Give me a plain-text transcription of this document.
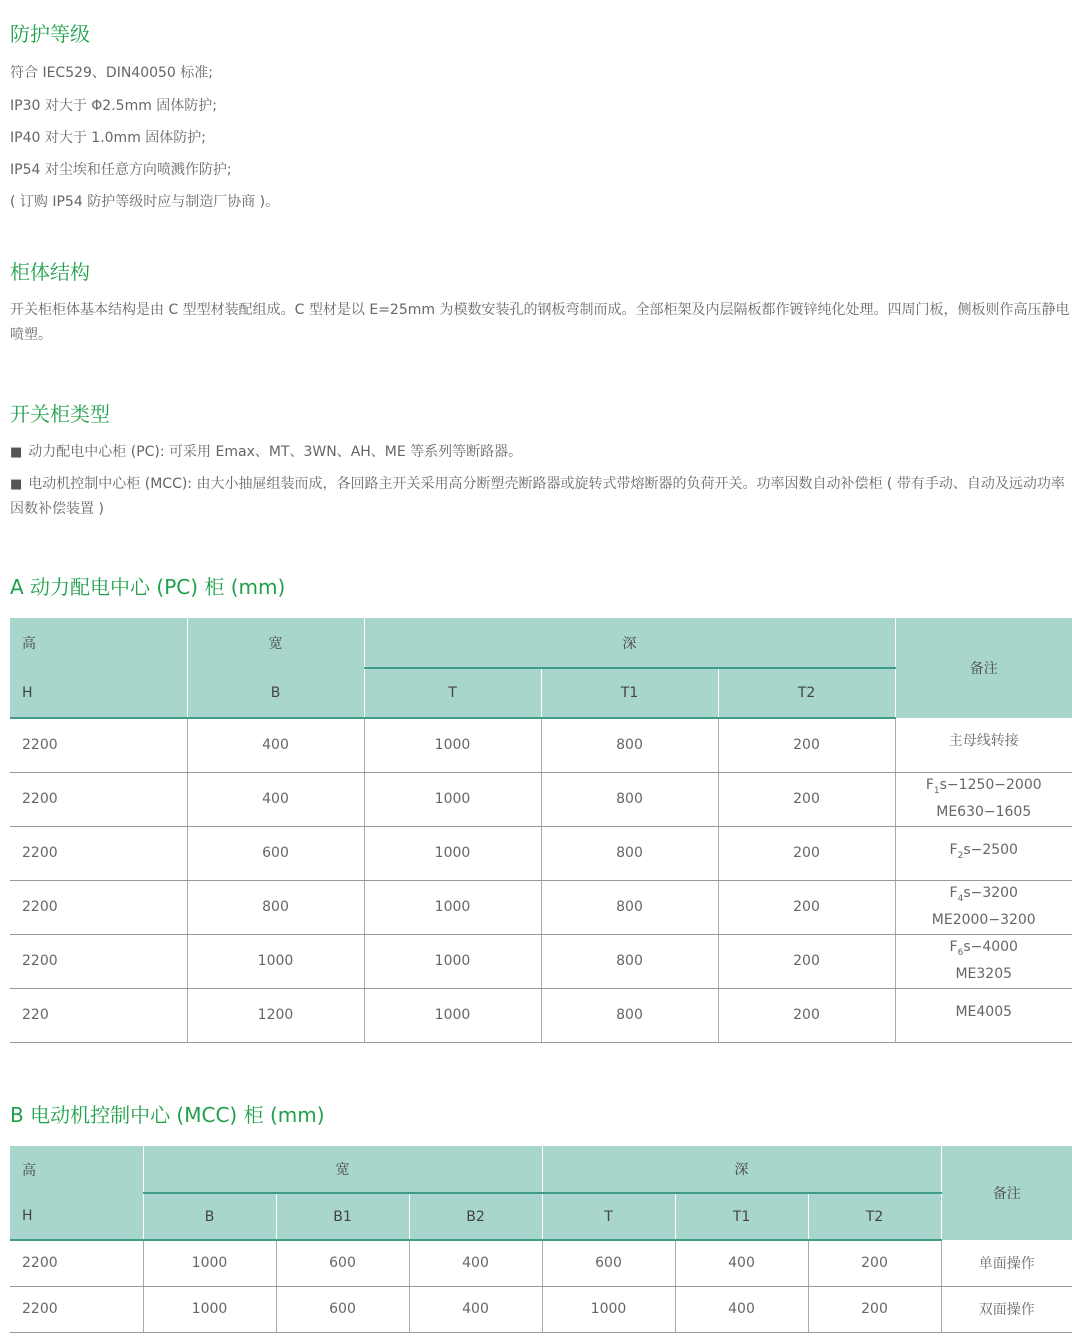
防护等级

符合 IEC529、DIN40050 标准;

IP30 对大于 Φ2.5mm 固体防护;

IP40 对大于 1.0mm 固体防护;

IP54 对尘埃和任意方向喷溅作防护;

( 订购 IP54 防护等级时应与制造厂协商 )。

柜体结构

开关柜柜体基本结构是由 C 型型材装配组成。C 型材是以 E=25mm 为模数安装孔的钢板弯制而成。全部柜架及内层隔板都作镀锌纯化处理。四周门板，侧板则作高压静电喷塑。

开关柜类型

■ 动力配电中心柜 (PC): 可采用 Emax、MT、3WN、AH、ME 等系列等断路器。

■ 电动机控制中心柜 (MCC): 由大小抽屉组装而成，各回路主开关采用高分断塑壳断路器或旋转式带熔断器的负荷开关。功率因数自动补偿柜 ( 带有手动、自动及远动功率因数补偿装置 )

A 动力配电中心 (PC) 柜 (mm)
高	宽	深			备注
H	B	T	T1	T2	
2200	400	1000	800	200	主母线转接

2200	400	1000	800	200	$F_1s-1250-2000$
ME630−1605

2200	600	1000	800	200	$F_2s-2500$

2200	800	1000	800	200	$F_4s-3200$
ME2000−3200

2200	1000	1000	800	200	$F_6s-4000$
ME3205

220	1200	1000	800	200	ME4005
B 电动机控制中心 (MCC) 柜 (mm)
高	宽			深			备注
H	B	B1	B2	T	T1	T2	
2200	1000	600	400	600	400	200	单面操作
2200	1000	600	400	1000	400	200	双面操作
